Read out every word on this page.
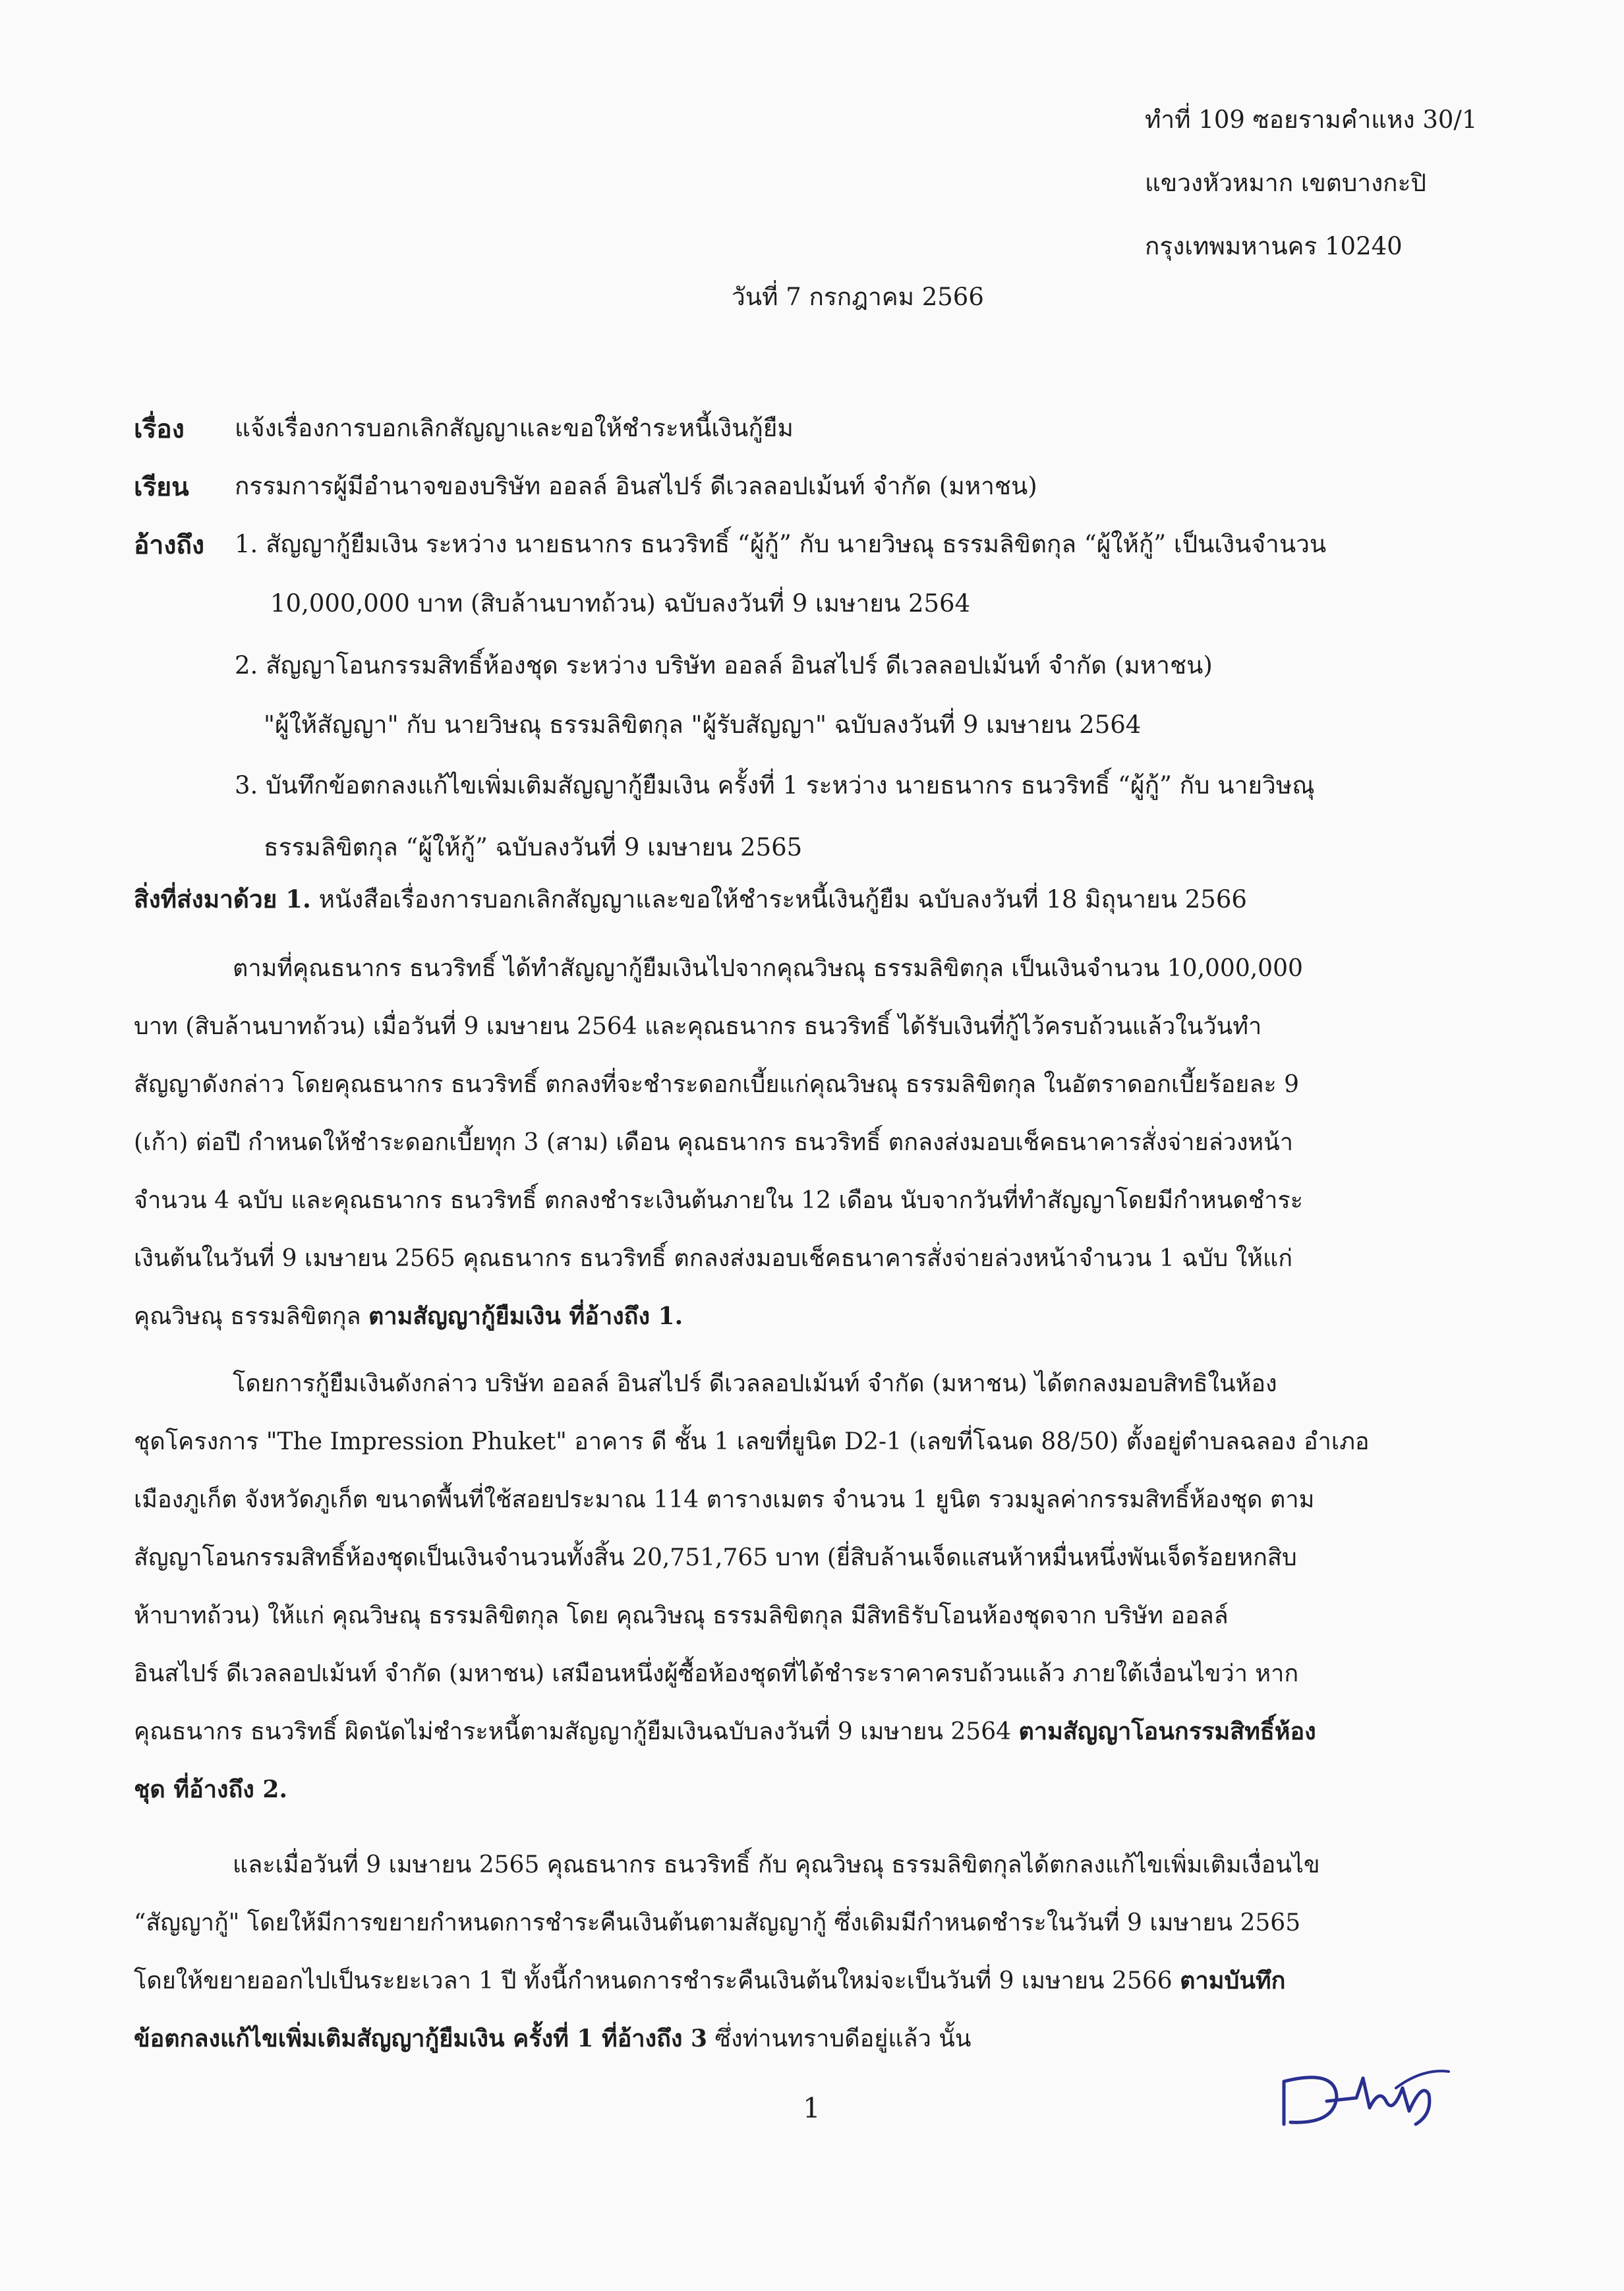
ทำที่ 109 ซอยรามคำแหง 30/1
แขวงหัวหมาก เขตบางกะปิ
กรุงเทพมหานคร 10240
วันที่ 7 กรกฎาคม 2566
เรื่อง แจ้งเรื่องการบอกเลิกสัญญาและขอให้ชำระหนี้เงินกู้ยืม
เรียน กรรมการผู้มีอำนาจของบริษัท ออลล์ อินสไปร์ ดีเวลลอปเม้นท์ จำกัด (มหาชน)
อ้างถึง 1. สัญญากู้ยืมเงิน ระหว่าง นายธนากร ธนวริทธิ์ “ผู้กู้” กับ นายวิษณุ ธรรมลิขิตกุล “ผู้ให้กู้” เป็นเงินจำนวน
10,000,000 บาท (สิบล้านบาทถ้วน) ฉบับลงวันที่ 9 เมษายน 2564
2. สัญญาโอนกรรมสิทธิ์ห้องชุด ระหว่าง บริษัท ออลล์ อินสไปร์ ดีเวลลอปเม้นท์ จำกัด (มหาชน)
"ผู้ให้สัญญา" กับ นายวิษณุ ธรรมลิขิตกุล "ผู้รับสัญญา" ฉบับลงวันที่ 9 เมษายน 2564
3. บันทึกข้อตกลงแก้ไขเพิ่มเติมสัญญากู้ยืมเงิน ครั้งที่ 1 ระหว่าง นายธนากร ธนวริทธิ์ “ผู้กู้” กับ นายวิษณุ
ธรรมลิขิตกุล “ผู้ให้กู้” ฉบับลงวันที่ 9 เมษายน 2565
สิ่งที่ส่งมาด้วย 1. หนังสือเรื่องการบอกเลิกสัญญาและขอให้ชำระหนี้เงินกู้ยืม ฉบับลงวันที่ 18 มิถุนายน 2566
ตามที่คุณธนากร ธนวริทธิ์ ได้ทำสัญญากู้ยืมเงินไปจากคุณวิษณุ ธรรมลิขิตกุล เป็นเงินจำนวน 10,000,000
บาท (สิบล้านบาทถ้วน) เมื่อวันที่ 9 เมษายน 2564 และคุณธนากร ธนวริทธิ์ ได้รับเงินที่กู้ไว้ครบถ้วนแล้วในวันทำ
สัญญาดังกล่าว โดยคุณธนากร ธนวริทธิ์ ตกลงที่จะชำระดอกเบี้ยแก่คุณวิษณุ ธรรมลิขิตกุล ในอัตราดอกเบี้ยร้อยละ 9
(เก้า) ต่อปี กำหนดให้ชำระดอกเบี้ยทุก 3 (สาม) เดือน คุณธนากร ธนวริทธิ์ ตกลงส่งมอบเช็คธนาคารสั่งจ่ายล่วงหน้า
จำนวน 4 ฉบับ และคุณธนากร ธนวริทธิ์ ตกลงชำระเงินต้นภายใน 12 เดือน นับจากวันที่ทำสัญญาโดยมีกำหนดชำระ
เงินต้นในวันที่ 9 เมษายน 2565 คุณธนากร ธนวริทธิ์ ตกลงส่งมอบเช็คธนาคารสั่งจ่ายล่วงหน้าจำนวน 1 ฉบับ ให้แก่
คุณวิษณุ ธรรมลิขิตกุล ตามสัญญากู้ยืมเงิน ที่อ้างถึง 1.
โดยการกู้ยืมเงินดังกล่าว บริษัท ออลล์ อินสไปร์ ดีเวลลอปเม้นท์ จำกัด (มหาชน) ได้ตกลงมอบสิทธิในห้อง
ชุดโครงการ "The Impression Phuket" อาคาร ดี ชั้น 1 เลขที่ยูนิต D2-1 (เลขที่โฉนด 88/50) ตั้งอยู่ตำบลฉลอง อำเภอ
เมืองภูเก็ต จังหวัดภูเก็ต ขนาดพื้นที่ใช้สอยประมาณ 114 ตารางเมตร จำนวน 1 ยูนิต รวมมูลค่ากรรมสิทธิ์ห้องชุด ตาม
สัญญาโอนกรรมสิทธิ์ห้องชุดเป็นเงินจำนวนทั้งสิ้น 20,751,765 บาท (ยี่สิบล้านเจ็ดแสนห้าหมื่นหนึ่งพันเจ็ดร้อยหกสิบ
ห้าบาทถ้วน) ให้แก่ คุณวิษณุ ธรรมลิขิตกุล โดย คุณวิษณุ ธรรมลิขิตกุล มีสิทธิรับโอนห้องชุดจาก บริษัท ออลล์
อินสไปร์ ดีเวลลอปเม้นท์ จำกัด (มหาชน) เสมือนหนึ่งผู้ซื้อห้องชุดที่ได้ชำระราคาครบถ้วนแล้ว ภายใต้เงื่อนไขว่า หาก
คุณธนากร ธนวริทธิ์ ผิดนัดไม่ชำระหนี้ตามสัญญากู้ยืมเงินฉบับลงวันที่ 9 เมษายน 2564 ตามสัญญาโอนกรรมสิทธิ์ห้อง
ชุด ที่อ้างถึง 2.
และเมื่อวันที่ 9 เมษายน 2565 คุณธนากร ธนวริทธิ์ กับ คุณวิษณุ ธรรมลิขิตกุลได้ตกลงแก้ไขเพิ่มเติมเงื่อนไข
“สัญญากู้" โดยให้มีการขยายกำหนดการชำระคืนเงินต้นตามสัญญากู้ ซึ่งเดิมมีกำหนดชำระในวันที่ 9 เมษายน 2565
โดยให้ขยายออกไปเป็นระยะเวลา 1 ปี ทั้งนี้กำหนดการชำระคืนเงินต้นใหม่จะเป็นวันที่ 9 เมษายน 2566 ตามบันทึก
ข้อตกลงแก้ไขเพิ่มเติมสัญญากู้ยืมเงิน ครั้งที่ 1 ที่อ้างถึง 3 ซึ่งท่านทราบดีอยู่แล้ว นั้น
1
